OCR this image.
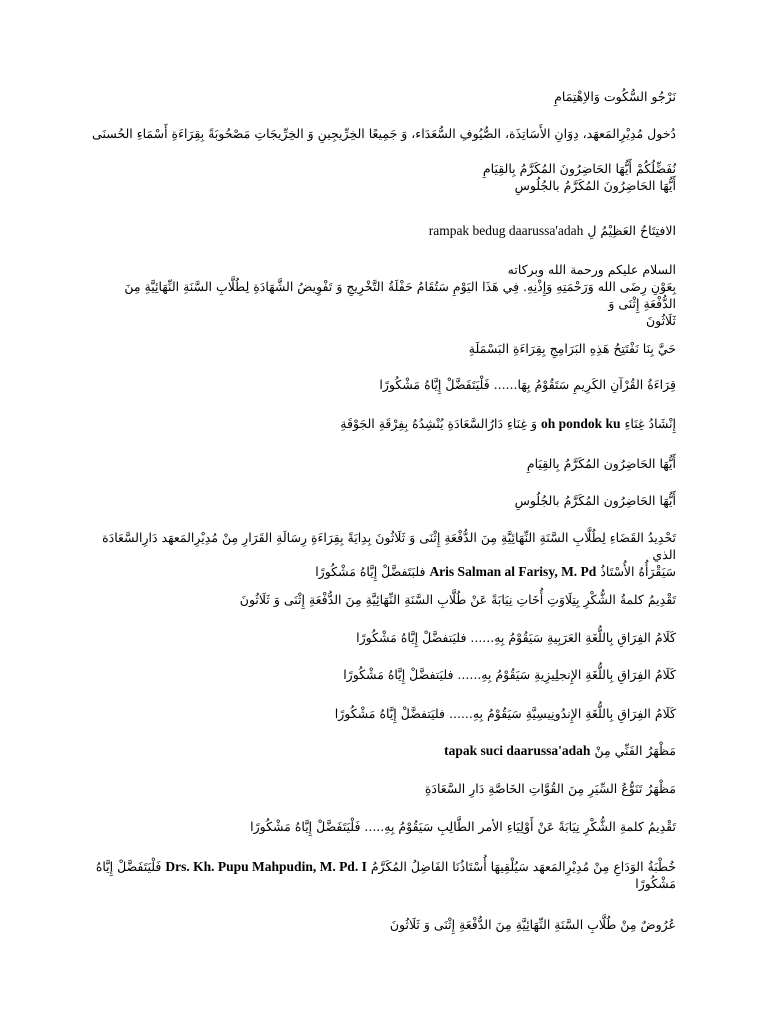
نَرْجُو السُّكُوت وَالاِهْتِمَامِ
دُخول مُدِيْرِالمَعهَد، دِوَانِ الأَسَاتِذَة، الصُّيُوفِ السُّعَدَاء، وَ جَمِيعًا الخِرِّيجِينِ وَ الخِرِّيجَاتِ مَصْحُوبَةً بِقِرَاءَةِ أَسْمَاءِ الحُسنَى
نُفَضِّلُكُمْ أَيُّهَا الحَاضِرُونَ المُكَرَّمُ بِالقِيَامِ
أَيُّهَا الحَاضِرُونَ المُكَرَّمُ بالجُلُوسِ
الافتِتَاحُ العَظِيْمُ لِ rampak bedug daarussa'adah
السلام عليكم ورحمة الله وبركاته
بِعَوْنِ رِضَى الله وَرَحْمَتِهِ وَإِذْنِهِ. فِي هَذَا اليَوْمِ سَتُقَامُ حَفْلَةُ التَّخْرِيجِ وَ تَفْوِيضُ الشَّهَادَةِ لِطُلَّابِ السَّنَةِ النِّهَائِيَّةِ مِنَ الدُّفْعَةِ إِثْنَى وَ
ثَلَاثُونَ
حَيَّ بِنَا نَفْتَتِحُ هَذِهِ البَرَامِجِ بِقِرَاءَةِ البَسْمَلَةِ
قِرَاءَةُ القُرْآنِ الكَرِيمِ سَتَقُوْمُ بِهَا...... فَلْيَتَفَضَّلْ إِيَّاهُ مَشْكُورًا
إِنْشَادُ غِنَاءِ oh pondok ku وَ غِنَاءِ دَارُالسَّعَادَةِ يُنْشِدُهُ بِفِرْقَةِ الجَوْقَةِ
أَيُّهَا الحَاضِرُون المُكَرَّمُ بِالقِيَامِ
أَيُّهَا الحَاضِرُون المُكَرَّمُ بالجُلُوسِ
تَحْدِيدُ القَضَاءِ لِطُلَّابِ السَّنَةِ النِّهَائِيَّةِ مِنَ الدُّفْعَةِ إِثْنَى وَ ثَلَاثُونَ بِدِايَةً بِقِرَاءَةِ رِسَالَةِ القَرَارِ مِنْ مُدِيْرِالمَعهَد دَارِالسَّعَادَة الذي
سَيَقْرَأُهُ الأُسْتَاذُ Aris Salman al Farisy, M. Pd فلبَتَفضَّلْ إِيَّاهُ مَشْكُورًا
تَقْدِيمُ كلمةُ الشُّكْرِ بِتِلَاوَتِ أُخَاتِ نِيَابَةً عَنْ طُلَّابِ السَّنَةِ النِّهَائِيَّةِ مِنَ الدُّفْعَةِ إِثْنَى وَ ثَلَاثُونَ
كَلَامُ الفِرَاقِ بِاللُّغَةِ العَرَبِيةِ سَيَقُوْمُ بِهِ...... فليَتفضَّلْ إِيَّاهُ مَشْكُورًا
كَلَامُ الفِرَاقِ بِاللُّغَةِ الإِنجلِيزِيةِ سَيَقُوْمُ بِهِ...... فليَتفضَّلْ إِيَّاهُ مَشْكُورًا
كَلَامُ الفِرَاقِ بِاللُّغَةِ الإِندُونِيسِيَّةِ سَيَقُوْمُ بِهِ...... فليَتفضَّلْ إِيَّاهُ مَشْكُورًا
مَظْهَرُ الفَنِّي مِنْ tapak suci daarussa'adah
مَظْهَرُ تَنَوُّعُ السِّيَرِ مِنَ القُوَّاتِ الخَاصَّةِ دَارِ السَّعَادَةِ
تَقْدِيمُ كلمةِ الشُّكْرِ نِيَابَةً عَنْ أَوْلِيَاءِ الأمر الطَّالِبِ سَيَقُوْمُ بِهِ..... فَلْيَتَفَضَّلْ إِيَّاهُ مَشْكُورًا
خُطْبَةُ الوَدَاعِ مِنْ مُدِيْرِالمَعهَد سَيُلْقِيهَا أُسْتَاذُنَا الفَاضِلُ المُكَرَّمُ Drs. Kh. Pupu Mahpudin, M. Pd. I فَلْيَتَفَضَّلْ إِيَّاهُ
مَشْكُورًا
عُرُوضٌ مِنْ طُلَّابِ السَّنَةِ النِّهَائِيَّةِ مِنَ الدُّفْعَةِ إِثْنَى وَ ثَلَاثُونَ
